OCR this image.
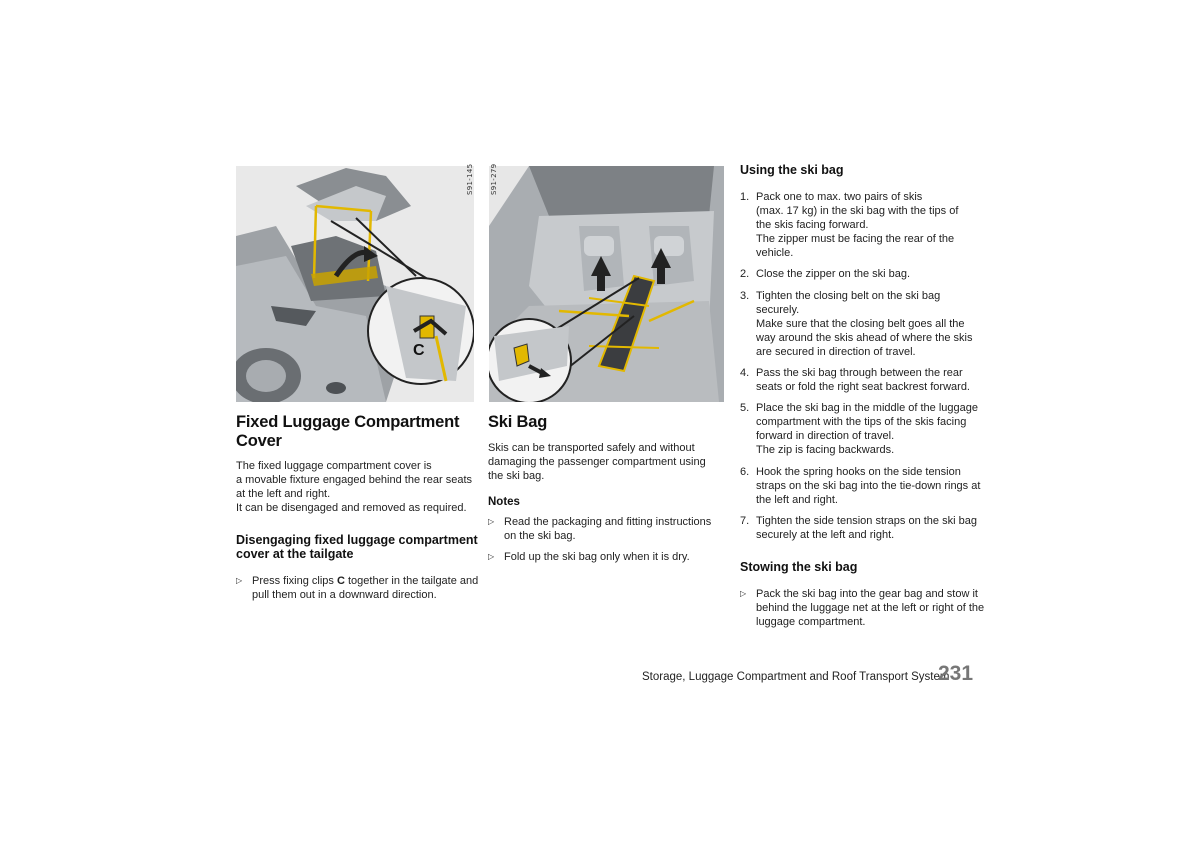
C
S91-145 S91-279
Fixed Luggage Compartment
Cover
The fixed luggage compartment cover is
a movable fixture engaged behind the rear seats
at the left and right.
It can be disengaged and removed as required.
Disengaging fixed luggage compartment
cover at the tailgate
▷ Press fixing clips C together in the tailgate and
pull them out in a downward direction.
Ski Bag
Skis can be transported safely and without
damaging the passenger compartment using
the ski bag.
Notes
▷ Read the packaging and fitting instructions
on the ski bag.
▷ Fold up the ski bag only when it is dry.
Using the ski bag
1. Pack one to max. two pairs of skis
(max. 17 kg) in the ski bag with the tips of
the skis facing forward.
The zipper must be facing the rear of the
vehicle.
2. Close the zipper on the ski bag.
3. Tighten the closing belt on the ski bag
securely.
Make sure that the closing belt goes all the
way around the skis ahead of where the skis
are secured in direction of travel.
4. Pass the ski bag through between the rear
seats or fold the right seat backrest forward.
5. Place the ski bag in the middle of the luggage
compartment with the tips of the skis facing
forward in direction of travel.
The zip is facing backwards.
6. Hook the spring hooks on the side tension
straps on the ski bag into the tie-down rings at
the left and right.
7. Tighten the side tension straps on the ski bag
securely at the left and right.
Stowing the ski bag
▷ Pack the ski bag into the gear bag and stow it
behind the luggage net at the left or right of the
luggage compartment.
Storage, Luggage Compartment and Roof Transport System
231
